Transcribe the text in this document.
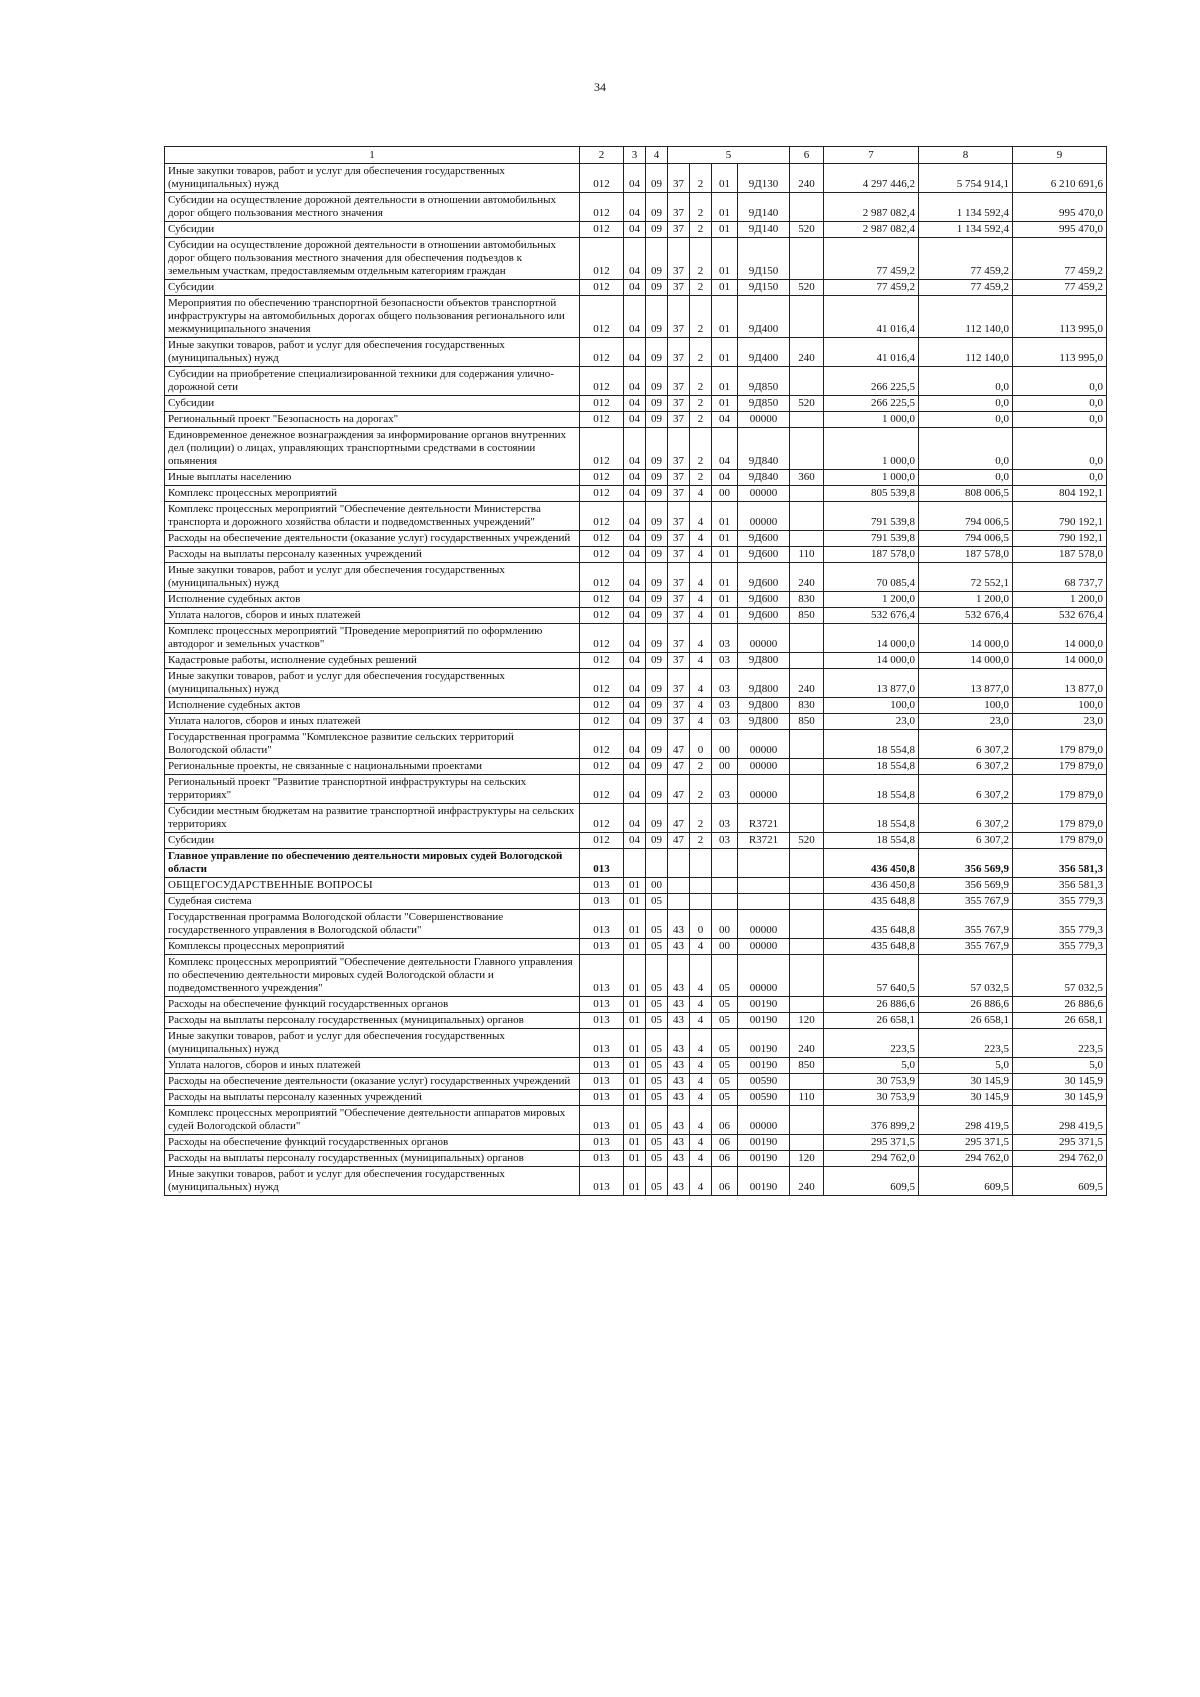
34
1	2	3	4	5				6	7	8	9
Иные закупки товаров, работ и услуг для обеспечения государственных (муниципальных) нужд	012	04	09	37	2	01	9Д130	240	4 297 446,2	5 754 914,1	6 210 691,6
Субсидии на осуществление дорожной деятельности в отношении автомобильных дорог общего пользования местного значения	012	04	09	37	2	01	9Д140		2 987 082,4	1 134 592,4	995 470,0
Субсидии	012	04	09	37	2	01	9Д140	520	2 987 082,4	1 134 592,4	995 470,0
Субсидии на осуществление дорожной деятельности в отношении автомобильных дорог общего пользования местного значения для обеспечения подъездов к земельным участкам, предоставляемым отдельным категориям граждан	012	04	09	37	2	01	9Д150		77 459,2	77 459,2	77 459,2
Субсидии	012	04	09	37	2	01	9Д150	520	77 459,2	77 459,2	77 459,2
Мероприятия по обеспечению транспортной безопасности объектов транспортной инфраструктуры на автомобильных дорогах общего пользования регионального или межмуниципального значения	012	04	09	37	2	01	9Д400		41 016,4	112 140,0	113 995,0
Иные закупки товаров, работ и услуг для обеспечения государственных (муниципальных) нужд	012	04	09	37	2	01	9Д400	240	41 016,4	112 140,0	113 995,0
Субсидии на приобретение специализированной техники для содержания улично-дорожной сети	012	04	09	37	2	01	9Д850		266 225,5	0,0	0,0
Субсидии	012	04	09	37	2	01	9Д850	520	266 225,5	0,0	0,0
Региональный проект "Безопасность на дорогах"	012	04	09	37	2	04	00000		1 000,0	0,0	0,0
Единовременное денежное вознаграждения за информирование органов внутренних дел (полиции) о лицах, управляющих транспортными средствами в состоянии опьянения	012	04	09	37	2	04	9Д840		1 000,0	0,0	0,0
Иные выплаты населению	012	04	09	37	2	04	9Д840	360	1 000,0	0,0	0,0
Комплекс процессных мероприятий	012	04	09	37	4	00	00000		805 539,8	808 006,5	804 192,1
Комплекс процессных мероприятий "Обеспечение деятельности Министерства транспорта и дорожного хозяйства области и подведомственных учреждений"	012	04	09	37	4	01	00000		791 539,8	794 006,5	790 192,1
Расходы на обеспечение деятельности (оказание услуг) государственных учреждений	012	04	09	37	4	01	9Д600		791 539,8	794 006,5	790 192,1
Расходы на выплаты персоналу казенных учреждений	012	04	09	37	4	01	9Д600	110	187 578,0	187 578,0	187 578,0
Иные закупки товаров, работ и услуг для обеспечения государственных (муниципальных) нужд	012	04	09	37	4	01	9Д600	240	70 085,4	72 552,1	68 737,7
Исполнение судебных актов	012	04	09	37	4	01	9Д600	830	1 200,0	1 200,0	1 200,0
Уплата налогов, сборов и иных платежей	012	04	09	37	4	01	9Д600	850	532 676,4	532 676,4	532 676,4
Комплекс процессных мероприятий "Проведение мероприятий по оформлению автодорог и земельных участков"	012	04	09	37	4	03	00000		14 000,0	14 000,0	14 000,0
Кадастровые работы, исполнение судебных решений	012	04	09	37	4	03	9Д800		14 000,0	14 000,0	14 000,0
Иные закупки товаров, работ и услуг для обеспечения государственных (муниципальных) нужд	012	04	09	37	4	03	9Д800	240	13 877,0	13 877,0	13 877,0
Исполнение судебных актов	012	04	09	37	4	03	9Д800	830	100,0	100,0	100,0
Уплата налогов, сборов и иных платежей	012	04	09	37	4	03	9Д800	850	23,0	23,0	23,0
Государственная программа "Комплексное развитие сельских территорий Вологодской области"	012	04	09	47	0	00	00000		18 554,8	6 307,2	179 879,0
Региональные проекты, не связанные с национальными проектами	012	04	09	47	2	00	00000		18 554,8	6 307,2	179 879,0
Региональный проект "Развитие транспортной инфраструктуры на сельских территориях"	012	04	09	47	2	03	00000		18 554,8	6 307,2	179 879,0
Субсидии местным бюджетам на развитие транспортной инфраструктуры на сельских территориях	012	04	09	47	2	03	R3721		18 554,8	6 307,2	179 879,0
Субсидии	012	04	09	47	2	03	R3721	520	18 554,8	6 307,2	179 879,0
Главное управление по обеспечению деятельности мировых судей Вологодской области	013								436 450,8	356 569,9	356 581,3
ОБЩЕГОСУДАРСТВЕННЫЕ ВОПРОСЫ	013	01	00						436 450,8	356 569,9	356 581,3
Судебная система	013	01	05						435 648,8	355 767,9	355 779,3
Государственная программа Вологодской области "Совершенствование государственного управления в Вологодской области"	013	01	05	43	0	00	00000		435 648,8	355 767,9	355 779,3
Комплексы процессных мероприятий	013	01	05	43	4	00	00000		435 648,8	355 767,9	355 779,3
Комплекс процессных мероприятий "Обеспечение деятельности Главного управления по обеспечению деятельности мировых судей Вологодской области и подведомственного учреждения"	013	01	05	43	4	05	00000		57 640,5	57 032,5	57 032,5
Расходы на обеспечение функций государственных органов	013	01	05	43	4	05	00190		26 886,6	26 886,6	26 886,6
Расходы на выплаты персоналу государственных (муниципальных) органов	013	01	05	43	4	05	00190	120	26 658,1	26 658,1	26 658,1
Иные закупки товаров, работ и услуг для обеспечения государственных (муниципальных) нужд	013	01	05	43	4	05	00190	240	223,5	223,5	223,5
Уплата налогов, сборов и иных платежей	013	01	05	43	4	05	00190	850	5,0	5,0	5,0
Расходы на обеспечение деятельности (оказание услуг) государственных учреждений	013	01	05	43	4	05	00590		30 753,9	30 145,9	30 145,9
Расходы на выплаты персоналу казенных учреждений	013	01	05	43	4	05	00590	110	30 753,9	30 145,9	30 145,9
Комплекс процессных мероприятий "Обеспечение деятельности аппаратов мировых судей Вологодской области"	013	01	05	43	4	06	00000		376 899,2	298 419,5	298 419,5
Расходы на обеспечение функций государственных органов	013	01	05	43	4	06	00190		295 371,5	295 371,5	295 371,5
Расходы на выплаты персоналу государственных (муниципальных) органов	013	01	05	43	4	06	00190	120	294 762,0	294 762,0	294 762,0
Иные закупки товаров, работ и услуг для обеспечения государственных (муниципальных) нужд	013	01	05	43	4	06	00190	240	609,5	609,5	609,5
